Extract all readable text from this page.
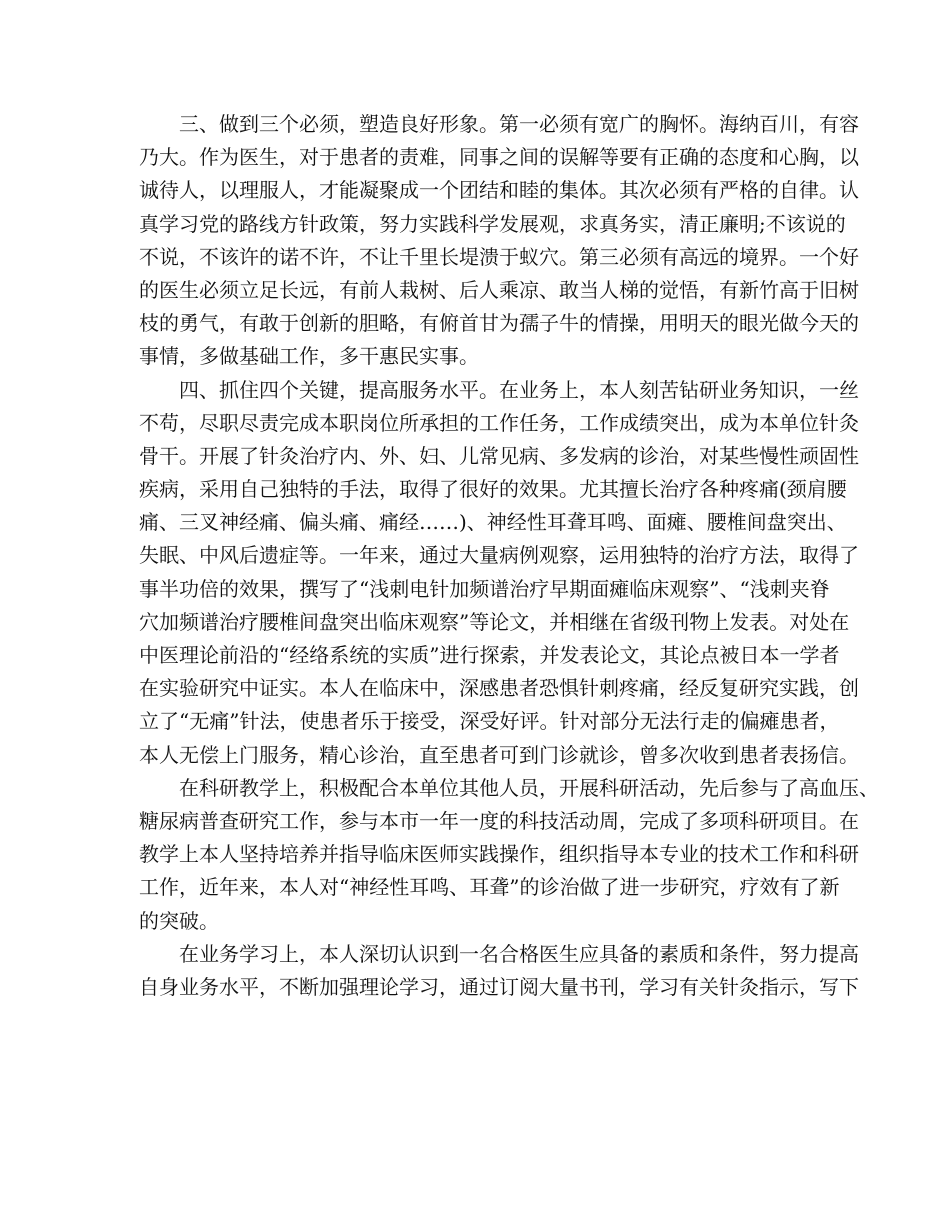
三、做到三个必须，塑造良好形象。第一必须有宽广的胸怀。海纳百川，有容
乃大。作为医生，对于患者的责难，同事之间的误解等要有正确的态度和心胸，以
诚待人，以理服人，才能凝聚成一个团结和睦的集体。其次必须有严格的自律。认
真学习党的路线方针政策，努力实践科学发展观，求真务实，清正廉明;不该说的
不说，不该许的诺不许，不让千里长堤溃于蚁穴。第三必须有高远的境界。一个好
的医生必须立足长远，有前人栽树、后人乘凉、敢当人梯的觉悟，有新竹高于旧树
枝的勇气，有敢于创新的胆略，有俯首甘为孺子牛的情操，用明天的眼光做今天的
事情，多做基础工作，多干惠民实事。
四、抓住四个关键，提高服务水平。在业务上，本人刻苦钻研业务知识，一丝
不苟，尽职尽责完成本职岗位所承担的工作任务，工作成绩突出，成为本单位针灸
骨干。开展了针灸治疗内、外、妇、儿常见病、多发病的诊治，对某些慢性顽固性
疾病，采用自己独特的手法，取得了很好的效果。尤其擅长治疗各种疼痛(颈肩腰
痛、三叉神经痛、偏头痛、痛经……)、神经性耳聋耳鸣、面瘫、腰椎间盘突出、
失眠、中风后遗症等。一年来，通过大量病例观察，运用独特的治疗方法，取得了
事半功倍的效果，撰写了“浅刺电针加频谱治疗早期面瘫临床观察”、“浅刺夹脊
穴加频谱治疗腰椎间盘突出临床观察”等论文，并相继在省级刊物上发表。对处在
中医理论前沿的“经络系统的实质”进行探索，并发表论文，其论点被日本一学者
在实验研究中证实。本人在临床中，深感患者恐惧针刺疼痛，经反复研究实践，创
立了“无痛”针法，使患者乐于接受，深受好评。针对部分无法行走的偏瘫患者，
本人无偿上门服务，精心诊治，直至患者可到门诊就诊，曾多次收到患者表扬信。
在科研教学上，积极配合本单位其他人员，开展科研活动，先后参与了高血压、
糖尿病普查研究工作，参与本市一年一度的科技活动周，完成了多项科研项目。在
教学上本人坚持培养并指导临床医师实践操作，组织指导本专业的技术工作和科研
工作，近年来，本人对“神经性耳鸣、耳聋”的诊治做了进一步研究，疗效有了新
的突破。
在业务学习上，本人深切认识到一名合格医生应具备的素质和条件，努力提高
自身业务水平，不断加强理论学习，通过订阅大量书刊，学习有关针灸指示，写下
